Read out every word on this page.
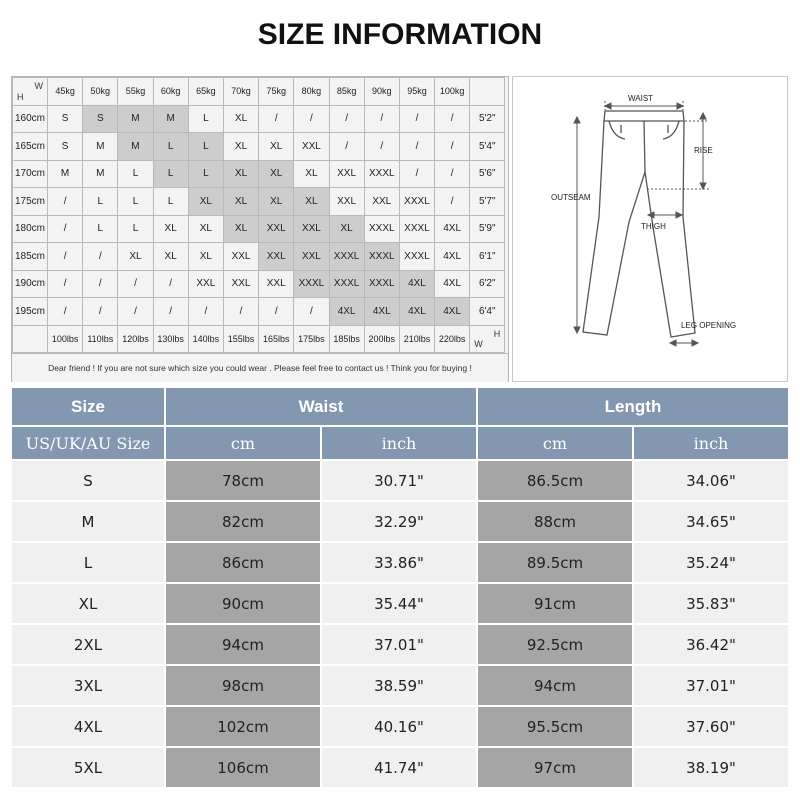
SIZE INFORMATION
H
W	45kg	50kg	55kg	60kg	65kg	70kg	75kg	80kg	85kg	90kg	95kg	100kg	
160cm	S	S	M	M	L	XL	/	/	/	/	/	/	5'2"
165cm	S	M	M	L	L	XL	XL	XXL	/	/	/	/	5'4"
170cm	M	M	L	L	L	XL	XL	XL	XXL	XXXL	/	/	5'6"
175cm	/	L	L	L	XL	XL	XL	XL	XXL	XXL	XXXL	/	5'7"
180cm	/	L	L	XL	XL	XL	XXL	XXL	XL	XXXL	XXXL	4XL	5'9"
185cm	/	/	XL	XL	XL	XXL	XXL	XXL	XXXL	XXXL	XXXL	4XL	6'1"
190cm	/	/	/	/	XXL	XXL	XXL	XXXL	XXXL	XXXL	4XL	4XL	6'2"
195cm	/	/	/	/	/	/	/	/	4XL	4XL	4XL	4XL	6'4"
	100lbs	110lbs	120lbs	130lbs	140lbs	155lbs	165lbs	175lbs	185lbs	200lbs	210lbs	220lbs	W
H
Dear friend ! If you are not sure which size you could wear . Please feel free to contact us ! Think you for buying !
WAIST
RISE
OUTSEAM
THIGH
LEG OPENING
Size	Waist		Length	
US/UK/AU Size	cm	inch	cm	inch
S	78cm	30.71"	86.5cm	34.06"
M	82cm	32.29"	88cm	34.65"
L	86cm	33.86"	89.5cm	35.24"
XL	90cm	35.44"	91cm	35.83"
2XL	94cm	37.01"	92.5cm	36.42"
3XL	98cm	38.59"	94cm	37.01"
4XL	102cm	40.16"	95.5cm	37.60"
5XL	106cm	41.74"	97cm	38.19"
